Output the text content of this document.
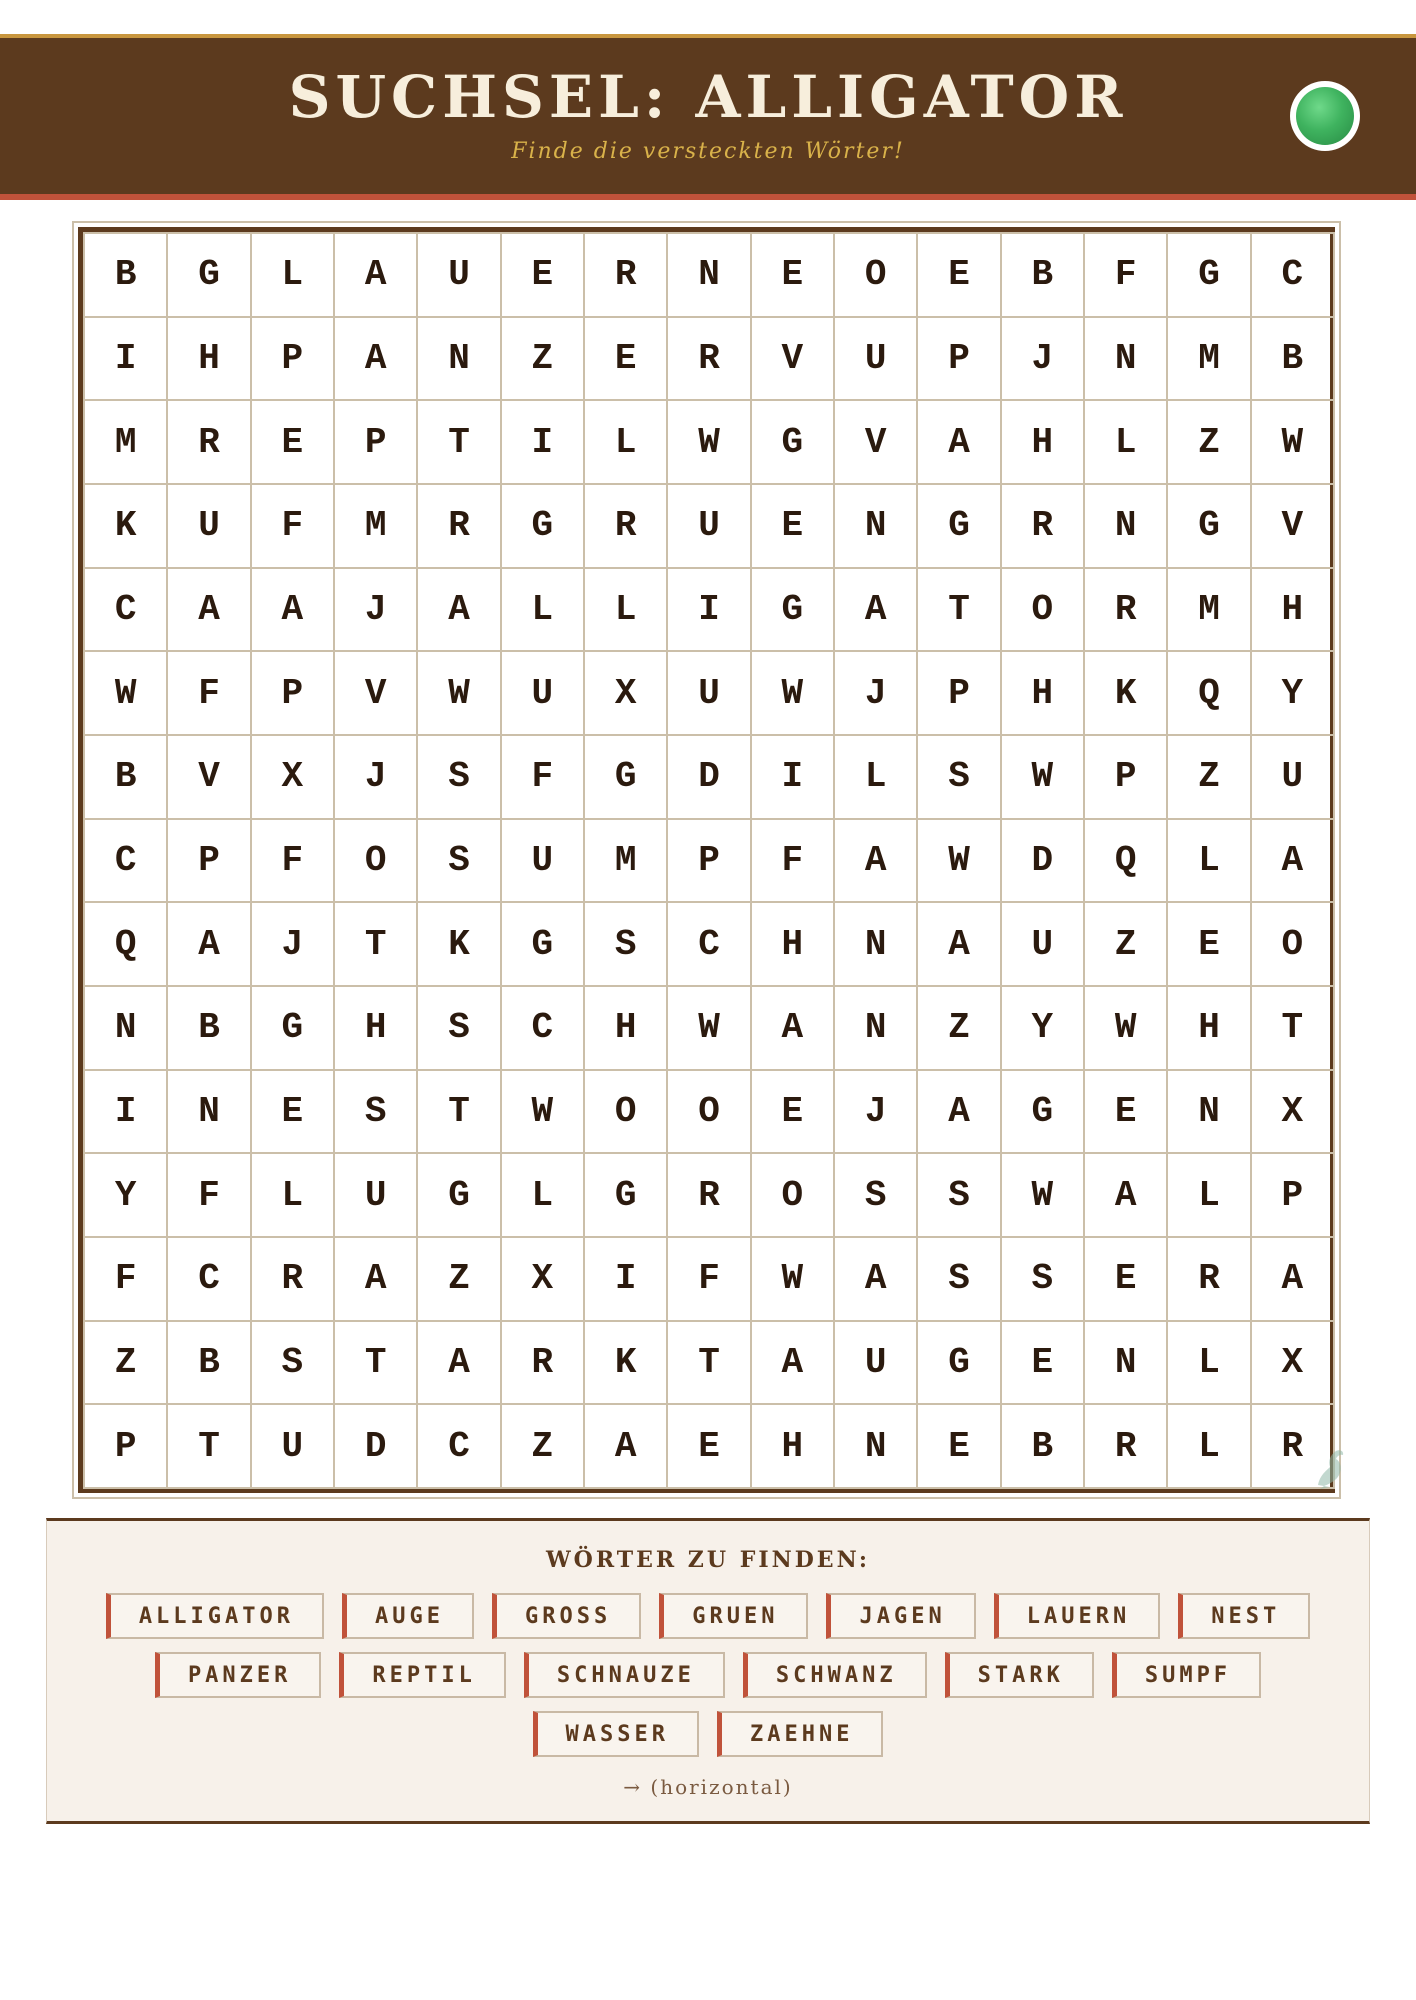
SUCHSEL: ALLIGATOR
Finde die versteckten Wörter!
B	G	L	A	U	E	R	N	E	O	E	B	F	G	C
I	H	P	A	N	Z	E	R	V	U	P	J	N	M	B
M	R	E	P	T	I	L	W	G	V	A	H	L	Z	W
K	U	F	M	R	G	R	U	E	N	G	R	N	G	V
C	A	A	J	A	L	L	I	G	A	T	O	R	M	H
W	F	P	V	W	U	X	U	W	J	P	H	K	Q	Y
B	V	X	J	S	F	G	D	I	L	S	W	P	Z	U
C	P	F	O	S	U	M	P	F	A	W	D	Q	L	A
Q	A	J	T	K	G	S	C	H	N	A	U	Z	E	O
N	B	G	H	S	C	H	W	A	N	Z	Y	W	H	T
I	N	E	S	T	W	O	O	E	J	A	G	E	N	X
Y	F	L	U	G	L	G	R	O	S	S	W	A	L	P
F	C	R	A	Z	X	I	F	W	A	S	S	E	R	A
Z	B	S	T	A	R	K	T	A	U	G	E	N	L	X
P	T	U	D	C	Z	A	E	H	N	E	B	R	L	R
WÖRTER ZU FINDEN:
ALLIGATOR	AUGE	GROSS	GRUEN	JAGEN	LAUERN	NEST
PANZER	REPTIL	SCHNAUZE	SCHWANZ	STARK	SUMPF
WASSER	ZAEHNE
→ (horizontal)
